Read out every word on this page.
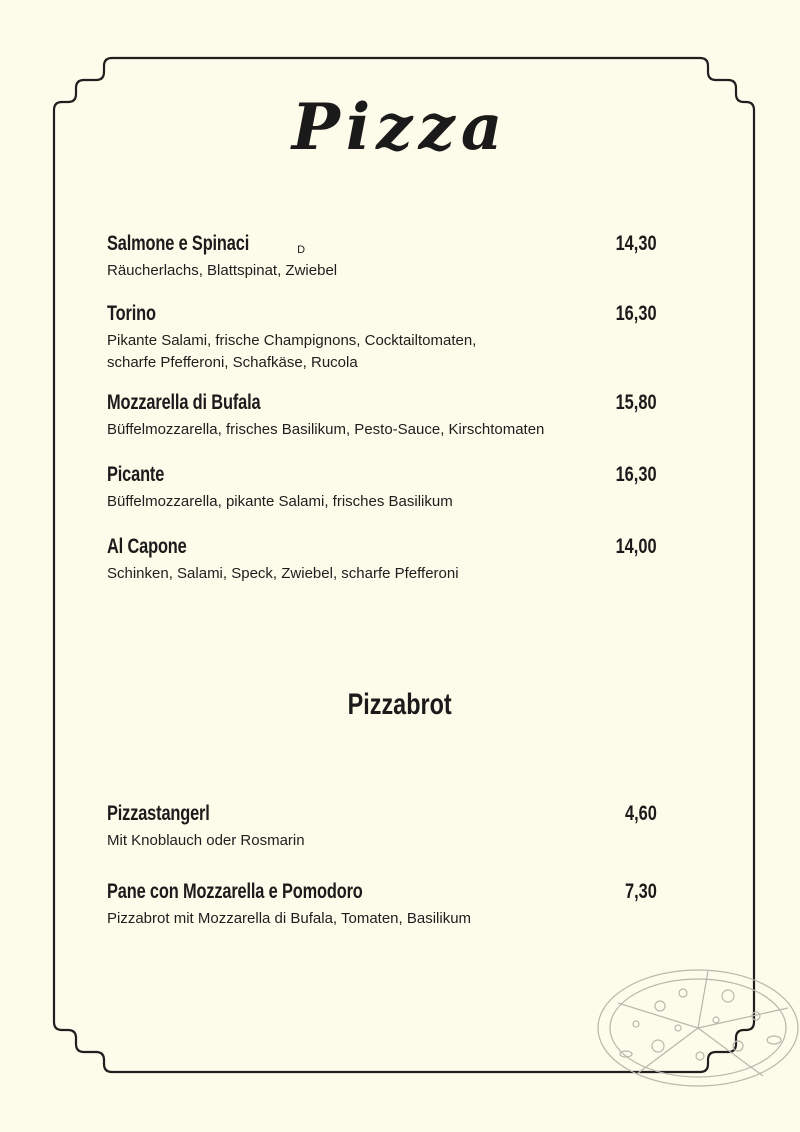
Pizza
Salmone e Spinaci	$_D$	14,30
Räucherlachs, Blattspinat, Zwiebel
Torino	16,30
Pikante Salami, frische Champignons, Cocktailtomaten,
scharfe Pfefferoni, Schafkäse, Rucola
Mozzarella di Bufala	15,80
Büffelmozzarella, frisches Basilikum, Pesto-Sauce, Kirschtomaten
Picante	16,30
Büffelmozzarella, pikante Salami, frisches Basilikum
Al Capone	14,00
Schinken, Salami, Speck, Zwiebel, scharfe Pfefferoni
Pizzabrot
Pizzastangerl	4,60
Mit Knoblauch oder Rosmarin
Pane con Mozzarella e Pomodoro	7,30
Pizzabrot mit Mozzarella di Bufala, Tomaten, Basilikum
